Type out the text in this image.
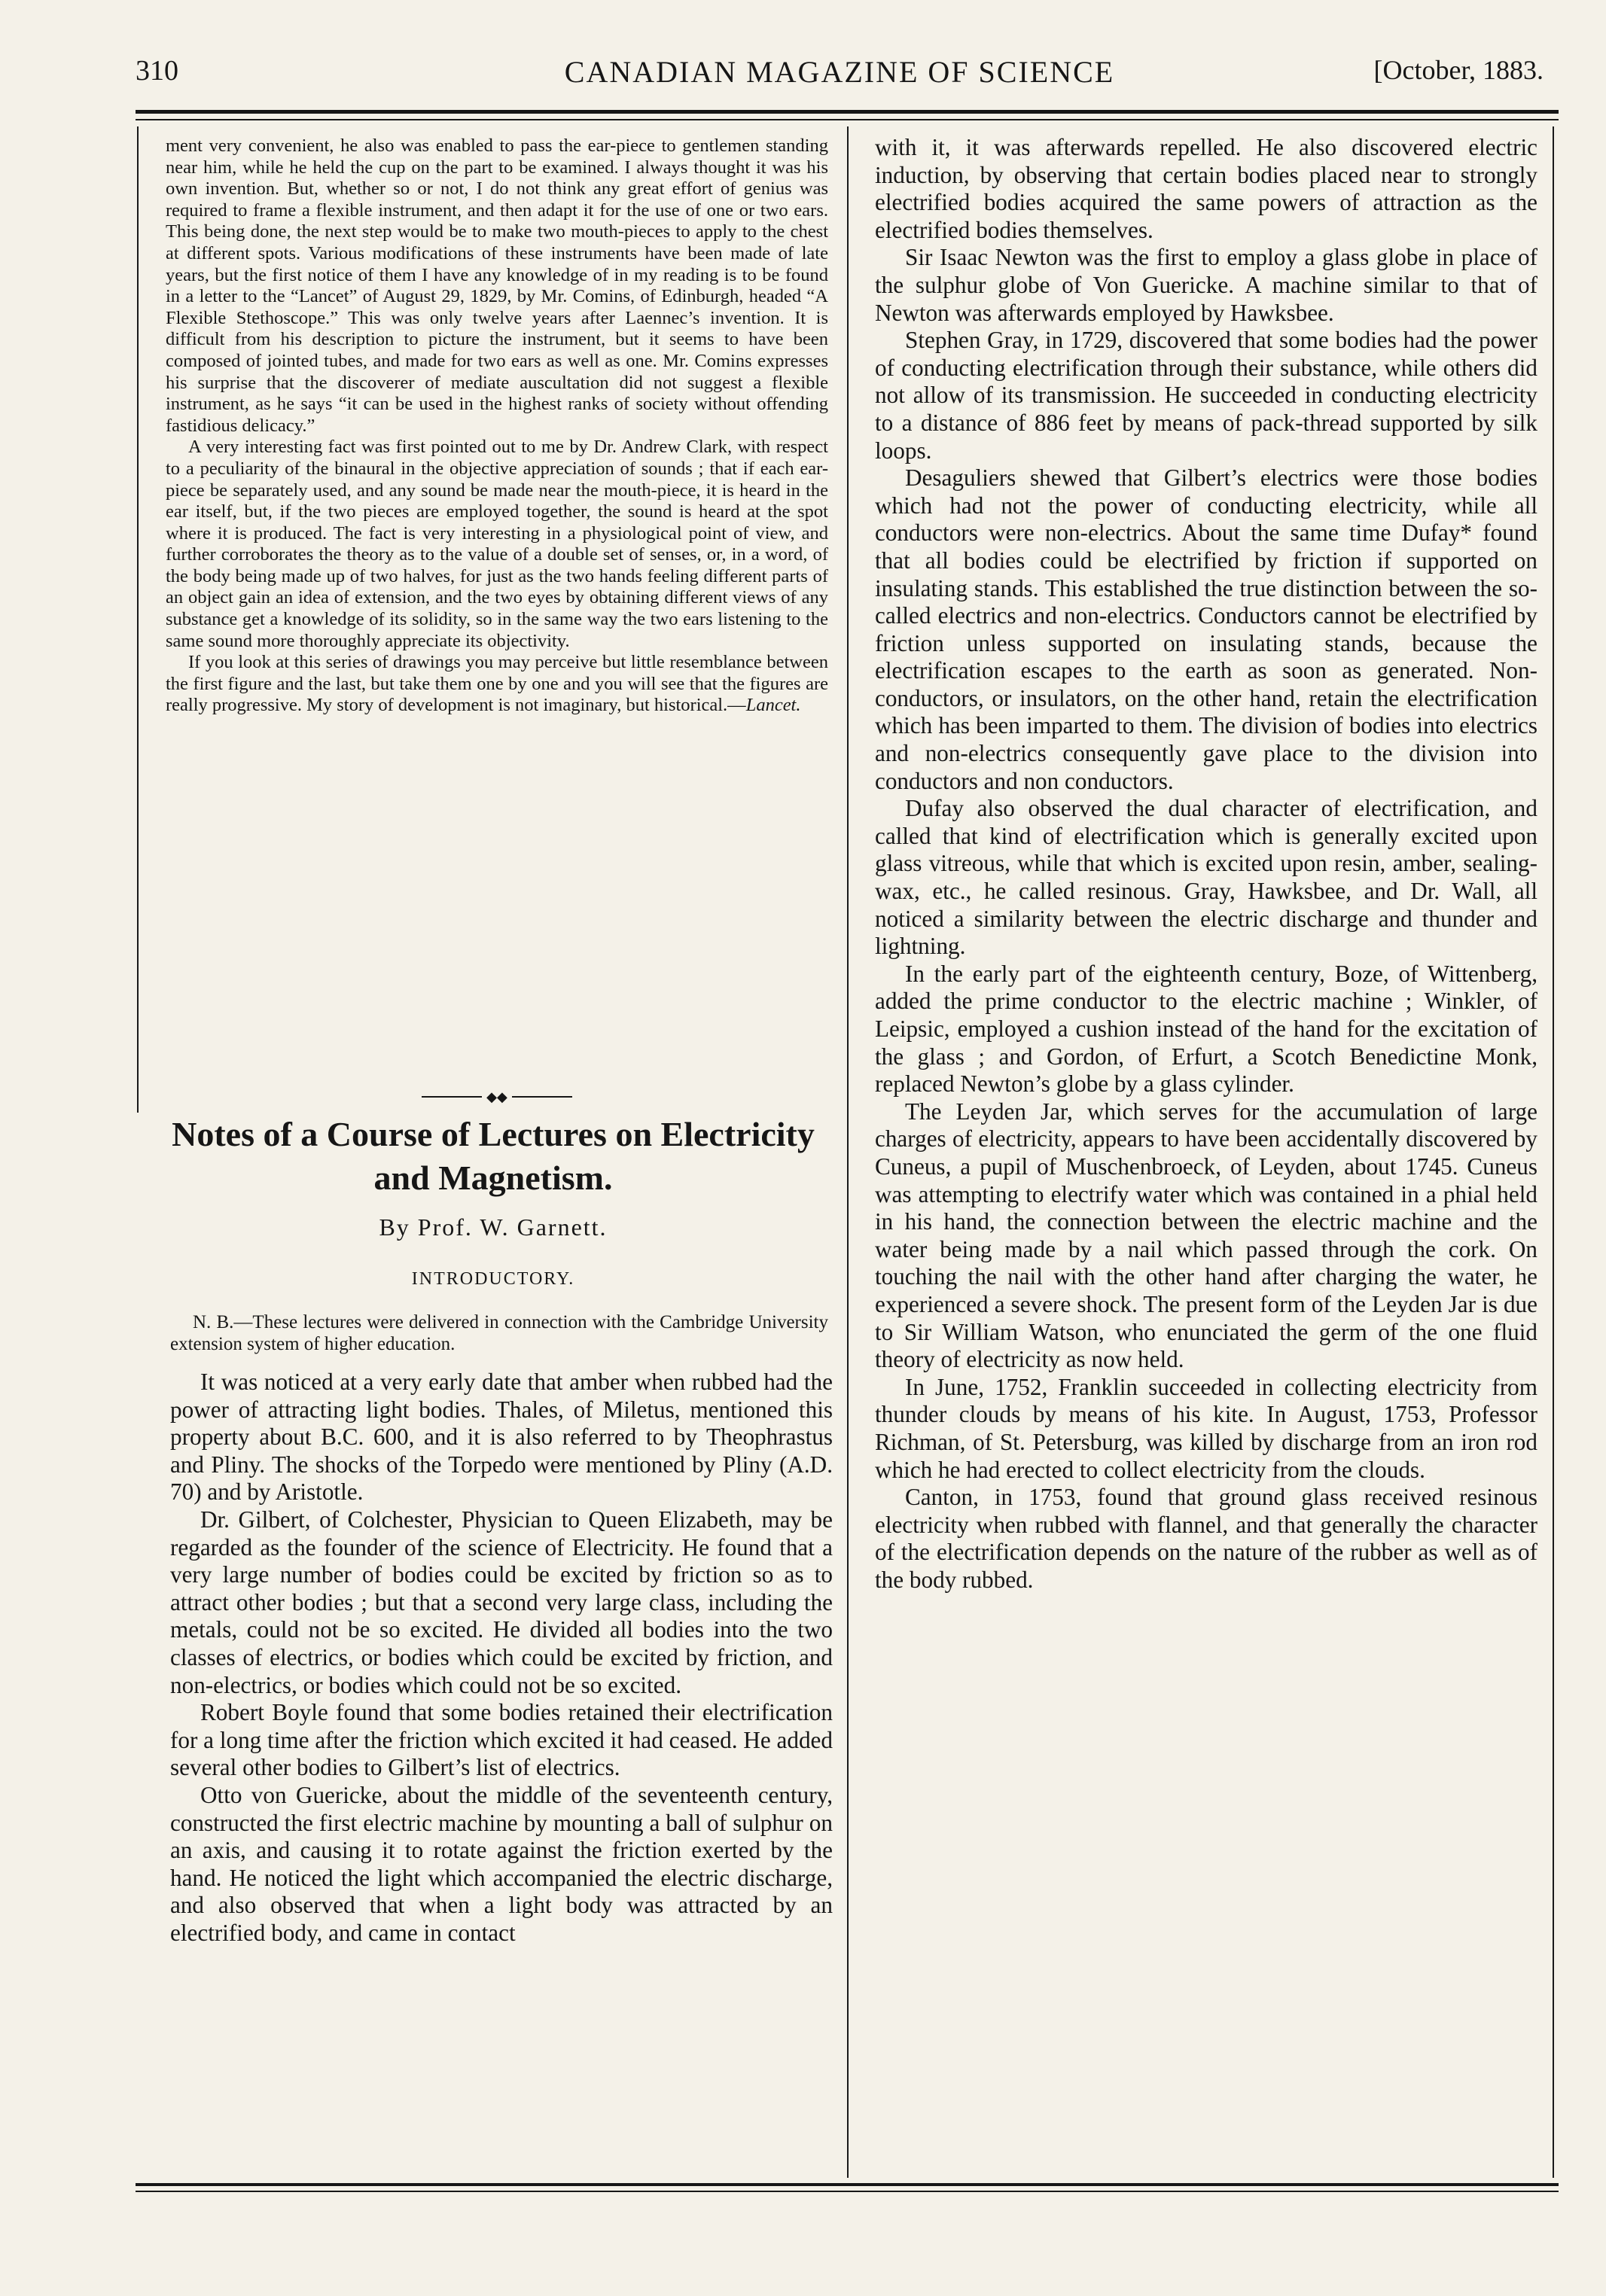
310	CANADIAN MAGAZINE OF SCIENCE	[October, 1883.

ment very convenient, he also was enabled to pass the ear-piece to gentlemen standing near him, while he held the cup on the part to be examined. I always thought it was his own invention. But, whether so or not, I do not think any great effort of genius was required to frame a flexible instrument, and then adapt it for the use of one or two ears. This being done, the next step would be to make two mouth-pieces to apply to the chest at different spots. Various modifications of these instruments have been made of late years, but the first notice of them I have any knowledge of in my reading is to be found in a letter to the “Lancet” of August 29, 1829, by Mr. Comins, of Edinburgh, headed “A Flexible Stethoscope.” This was only twelve years after Laennec’s invention. It is difficult from his description to picture the instrument, but it seems to have been composed of jointed tubes, and made for two ears as well as one. Mr. Comins expresses his surprise that the discoverer of mediate auscultation did not suggest a flexible instrument, as he says “it can be used in the highest ranks of society without offending fastidious delicacy.”

A very interesting fact was first pointed out to me by Dr. Andrew Clark, with respect to a peculiarity of the binaural in the objective appreciation of sounds ; that if each ear-piece be separately used, and any sound be made near the mouth-piece, it is heard in the ear itself, but, if the two pieces are employed together, the sound is heard at the spot where it is produced. The fact is very interesting in a physiological point of view, and further corroborates the theory as to the value of a double set of senses, or, in a word, of the body being made up of two halves, for just as the two hands feeling different parts of an object gain an idea of extension, and the two eyes by obtaining different views of any substance get a knowledge of its solidity, so in the same way the two ears listening to the same sound more thoroughly appreciate its objectivity.

If you look at this series of drawings you may perceive but little resemblance between the first figure and the last, but take them one by one and you will see that the figures are really progressive. My story of development is not imaginary, but historical.—Lancet.

◆◆
Notes of a Course of Lectures on Electricity and Magnetism.
By Prof. W. Garnett.
INTRODUCTORY.
N. B.—These lectures were delivered in connection with the Cambridge University extension system of higher education.

It was noticed at a very early date that amber when rubbed had the power of attracting light bodies. Thales, of Miletus, mentioned this property about B.C. 600, and it is also referred to by Theophrastus and Pliny. The shocks of the Torpedo were mentioned by Pliny (A.D. 70) and by Aristotle.

Dr. Gilbert, of Colchester, Physician to Queen Elizabeth, may be regarded as the founder of the science of Electricity. He found that a very large number of bodies could be excited by friction so as to attract other bodies ; but that a second very large class, including the metals, could not be so excited. He divided all bodies into the two classes of electrics, or bodies which could be excited by friction, and non-electrics, or bodies which could not be so excited.

Robert Boyle found that some bodies retained their electrification for a long time after the friction which excited it had ceased. He added several other bodies to Gilbert’s list of electrics.

Otto von Guericke, about the middle of the seventeenth century, constructed the first electric machine by mounting a ball of sulphur on an axis, and causing it to rotate against the friction exerted by the hand. He noticed the light which accompanied the electric discharge, and also observed that when a light body was attracted by an electrified body, and came in contact

with it, it was afterwards repelled. He also discovered electric induction, by observing that certain bodies placed near to strongly electrified bodies acquired the same powers of attraction as the electrified bodies themselves.

Sir Isaac Newton was the first to employ a glass globe in place of the sulphur globe of Von Guericke. A machine similar to that of Newton was afterwards employed by Hawksbee.

Stephen Gray, in 1729, discovered that some bodies had the power of conducting electrification through their substance, while others did not allow of its transmission. He succeeded in conducting electricity to a distance of 886 feet by means of pack-thread supported by silk loops.

Desaguliers shewed that Gilbert’s electrics were those bodies which had not the power of conducting electricity, while all conductors were non-electrics. About the same time Dufay* found that all bodies could be electrified by friction if supported on insulating stands. This established the true distinction between the so-called electrics and non-electrics. Conductors cannot be electrified by friction unless supported on insulating stands, because the electrification escapes to the earth as soon as generated. Non-conductors, or insulators, on the other hand, retain the electrification which has been imparted to them. The division of bodies into electrics and non-electrics consequently gave place to the division into conductors and non conductors.

Dufay also observed the dual character of electrification, and called that kind of electrification which is generally excited upon glass vitreous, while that which is excited upon resin, amber, sealing-wax, etc., he called resinous. Gray, Hawksbee, and Dr. Wall, all noticed a similarity between the electric discharge and thunder and lightning.

In the early part of the eighteenth century, Boze, of Wittenberg, added the prime conductor to the electric machine ; Winkler, of Leipsic, employed a cushion instead of the hand for the excitation of the glass ; and Gordon, of Erfurt, a Scotch Benedictine Monk, replaced Newton’s globe by a glass cylinder.

The Leyden Jar, which serves for the accumulation of large charges of electricity, appears to have been accidentally discovered by Cuneus, a pupil of Muschenbroeck, of Leyden, about 1745. Cuneus was attempting to electrify water which was contained in a phial held in his hand, the connection between the electric machine and the water being made by a nail which passed through the cork. On touching the nail with the other hand after charging the water, he experienced a severe shock. The present form of the Leyden Jar is due to Sir William Watson, who enunciated the germ of the one fluid theory of electricity as now held.

In June, 1752, Franklin succeeded in collecting electricity from thunder clouds by means of his kite. In August, 1753, Professor Richman, of St. Petersburg, was killed by discharge from an iron rod which he had erected to collect electricity from the clouds.

Canton, in 1753, found that ground glass received resinous electricity when rubbed with flannel, and that generally the character of the electrification depends on the nature of the rubber as well as of the body rubbed.
